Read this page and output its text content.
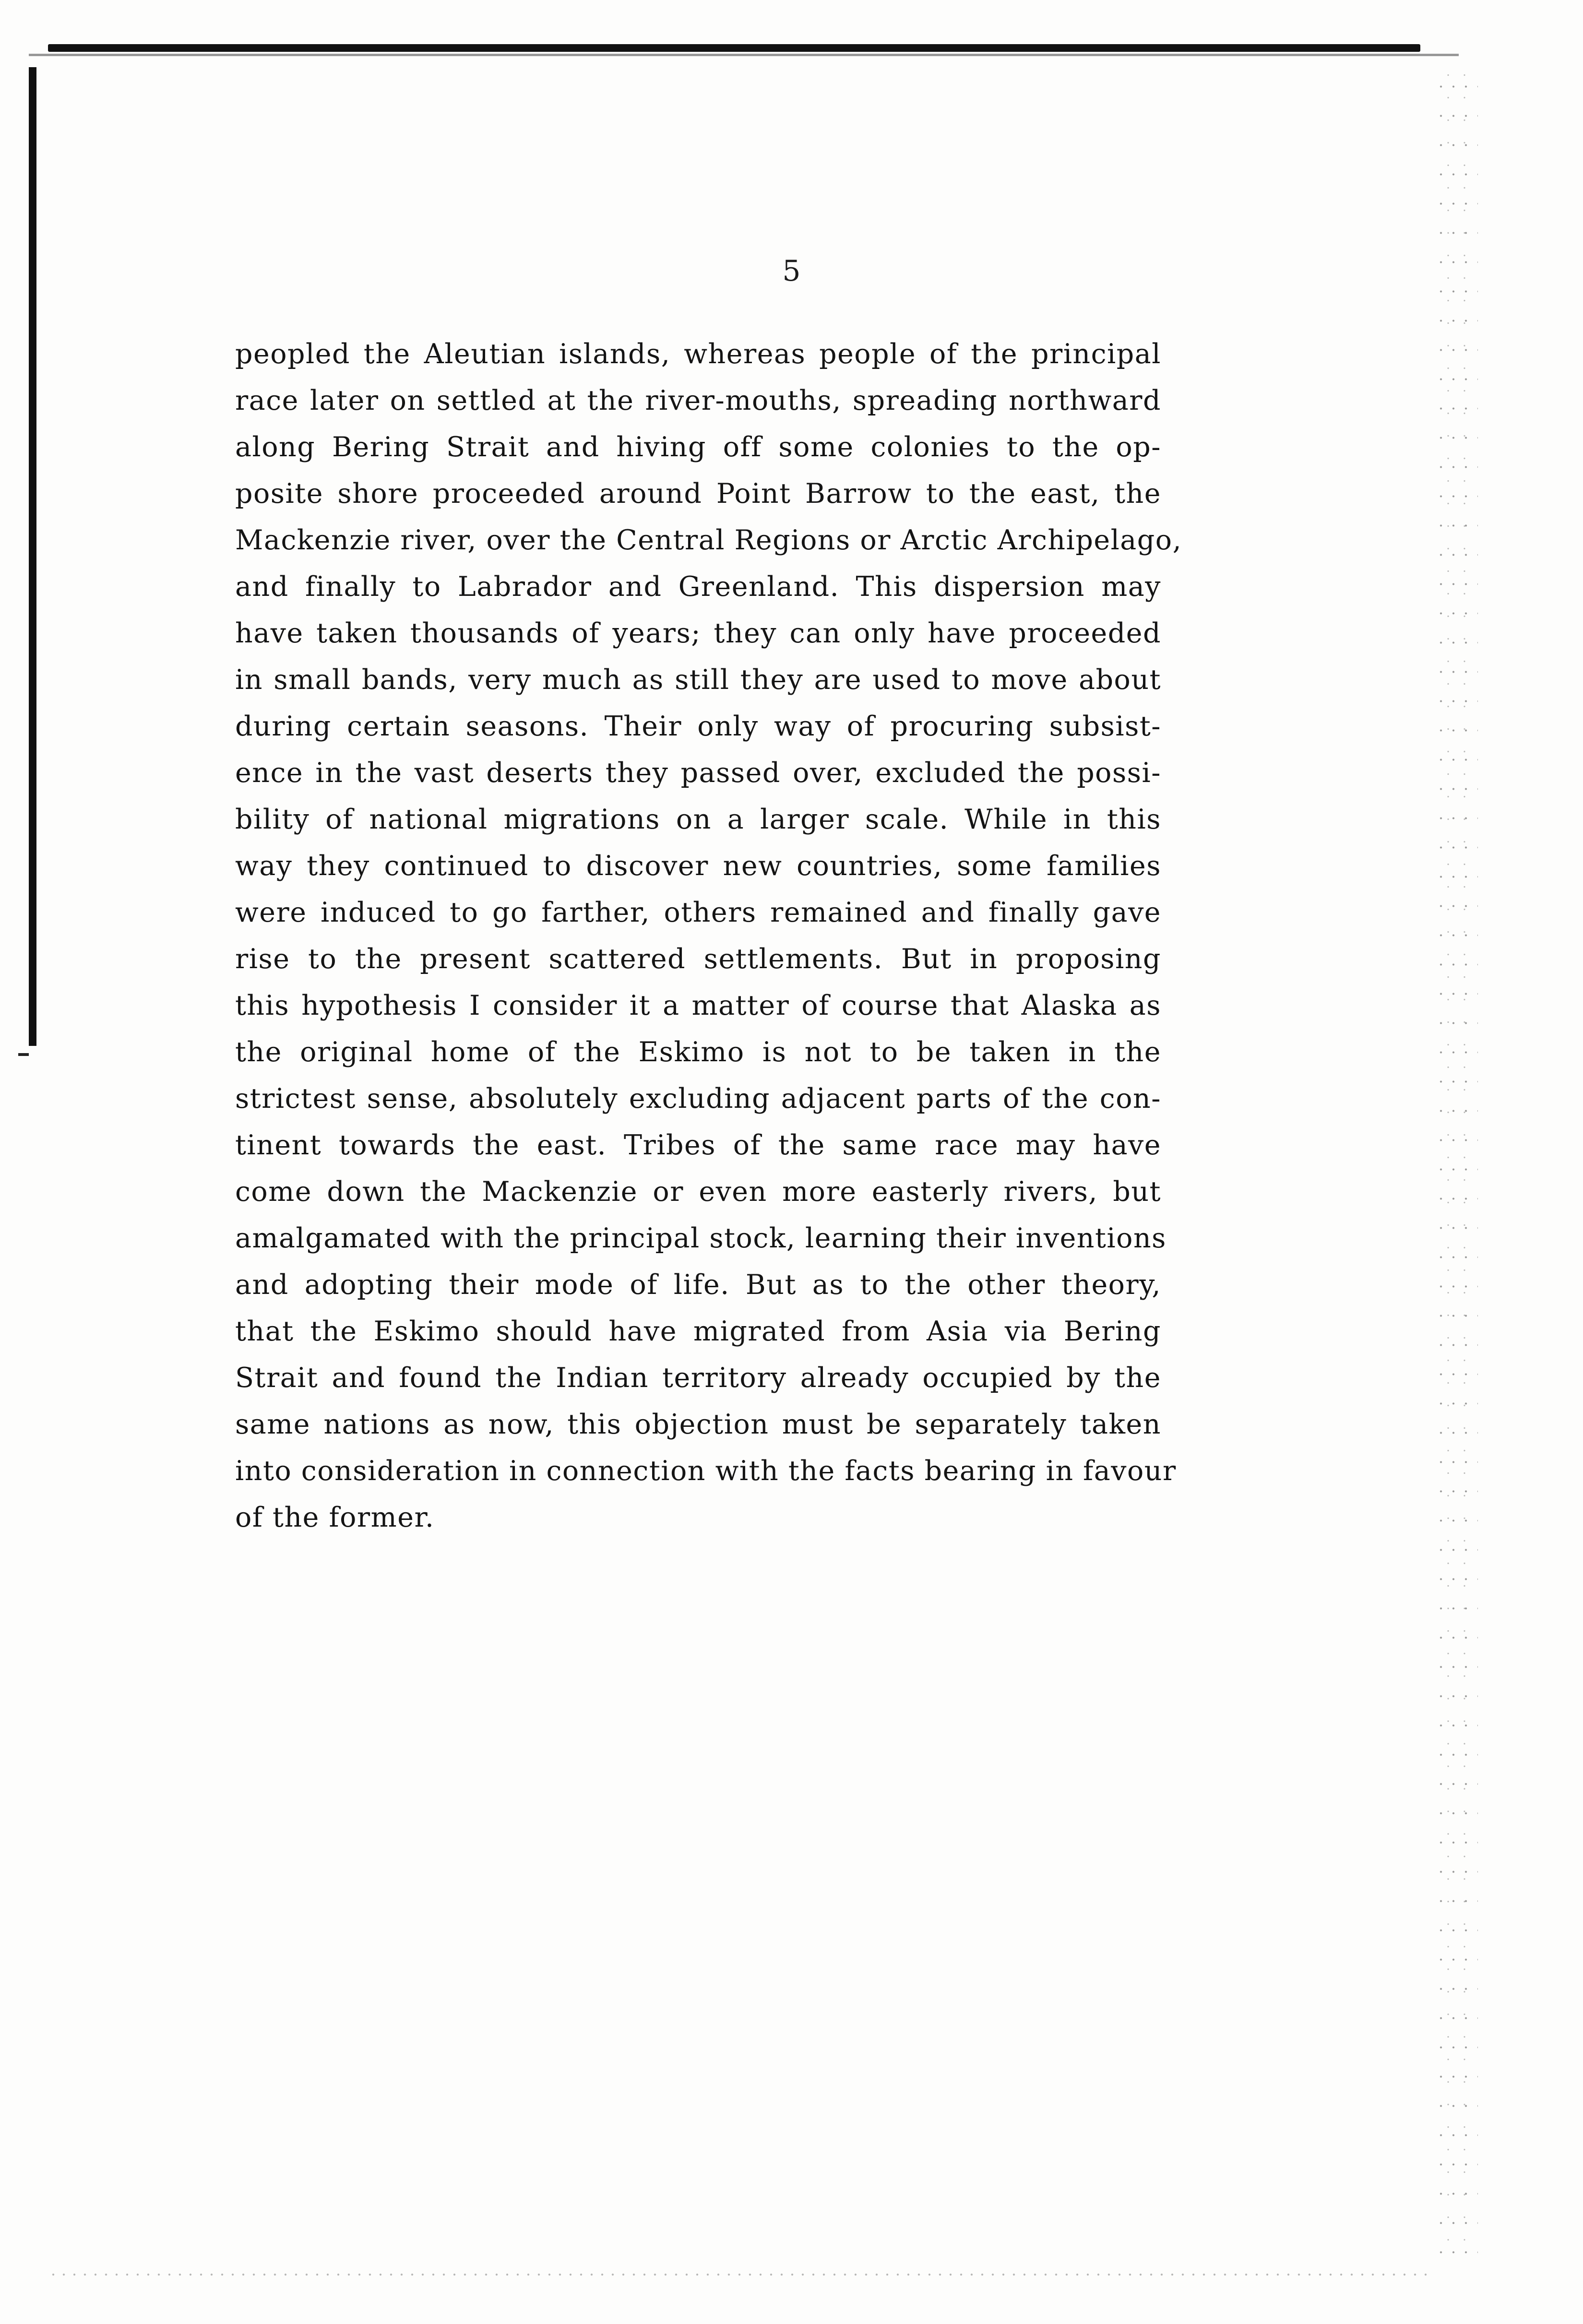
5
peopled the Aleutian islands, whereas people of the principal
race later on settled at the river-mouths, spreading northward
along Bering Strait and hiving off some colonies to the op-
posite shore proceeded around Point Barrow to the east, the
Mackenzie river, over the Central Regions or Arctic Archipelago,
and finally to Labrador and Greenland. This dispersion may
have taken thousands of years; they can only have proceeded
in small bands, very much as still they are used to move about
during certain seasons. Their only way of procuring subsist-
ence in the vast deserts they passed over, excluded the possi-
bility of national migrations on a larger scale. While in this
way they continued to discover new countries, some families
were induced to go farther, others remained and finally gave
rise to the present scattered settlements. But in proposing
this hypothesis I consider it a matter of course that Alaska as
the original home of the Eskimo is not to be taken in the
strictest sense, absolutely excluding adjacent parts of the con-
tinent towards the east. Tribes of the same race may have
come down the Mackenzie or even more easterly rivers, but
amalgamated with the principal stock, learning their inventions
and adopting their mode of life. But as to the other theory,
that the Eskimo should have migrated from Asia via Bering
Strait and found the Indian territory already occupied by the
same nations as now, this objection must be separately taken
into consideration in connection with the facts bearing in favour
of the former.
